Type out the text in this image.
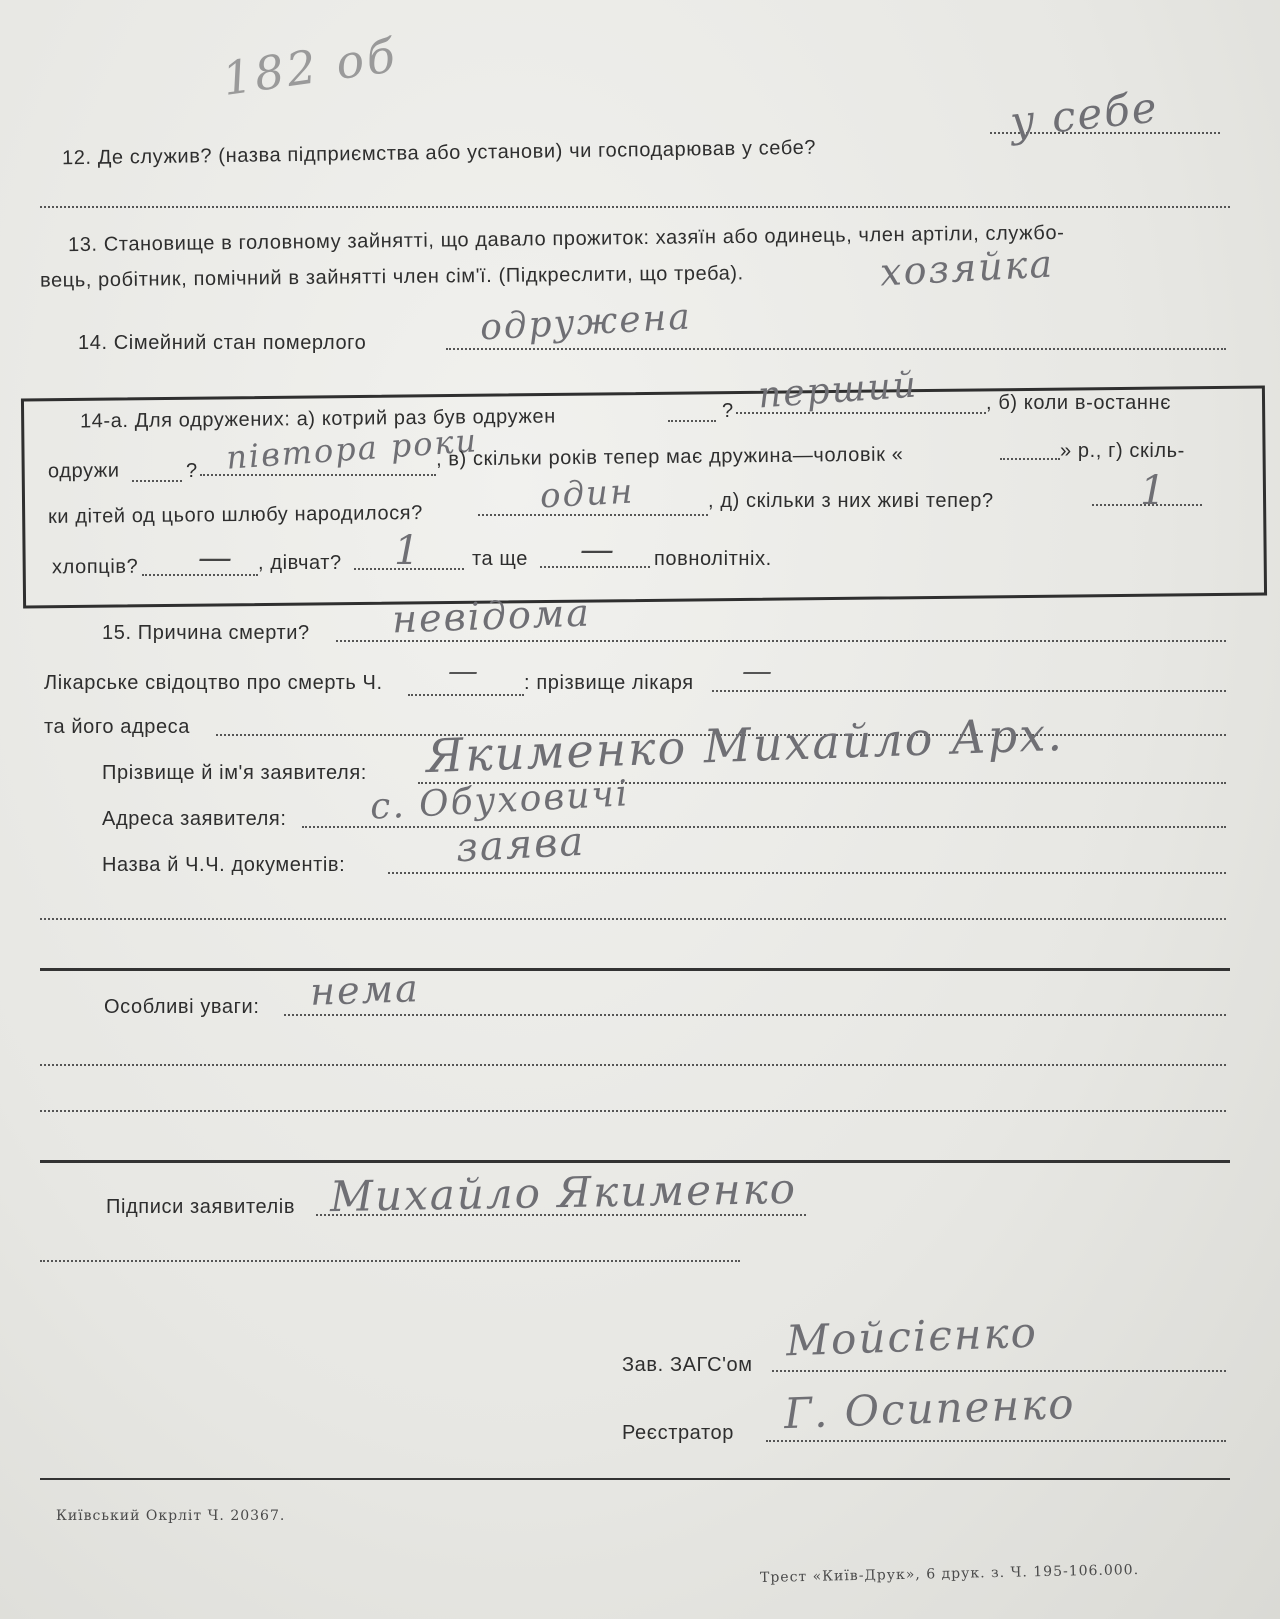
182 об
12. Де служив? (назва підприємства або установи) чи господарював у себе?
у себе
13. Становище в головному зайнятті, що давало прожиток: хазяїн або одинець, член артіли, службо-
вець, робітник, помічний в зайнятті член сім'ї. (Підкреслити, що треба).	хозяйка
14. Сімейний стан померлого	одружена
14-а. Для одружених: а) котрий раз був одружен	? перший	, б) коли в-останнє
одружи	? півтора роки
, в) скільки років тепер має дружина—чоловік «	» р., г) скіль-
ки дітей од цього шлюбу народилося?	один	, д) скільки з них живі тепер?	1
хлопців? — , дівчат? 1	та ще — повнолітніх.
15. Причина смерти? невідома
Лікарське свідоцтво про смерть Ч. — : прізвище лікаря —
та його адреса
Прізвище й ім'я заявителя: Якименко Михайло Арх.
Адреса заявителя: с. Обуховичі
Назва й Ч.Ч. документів:	заява
Особливі уваги: нема
Підписи заявителів Михайло Якименко
Зав. ЗАГС'ом Мойсієнко
Реєстратор Г. Осипенко
Київський Окрліт Ч. 20367.
Трест «Київ-Друк», 6 друк. з. Ч. 195-106.000.
